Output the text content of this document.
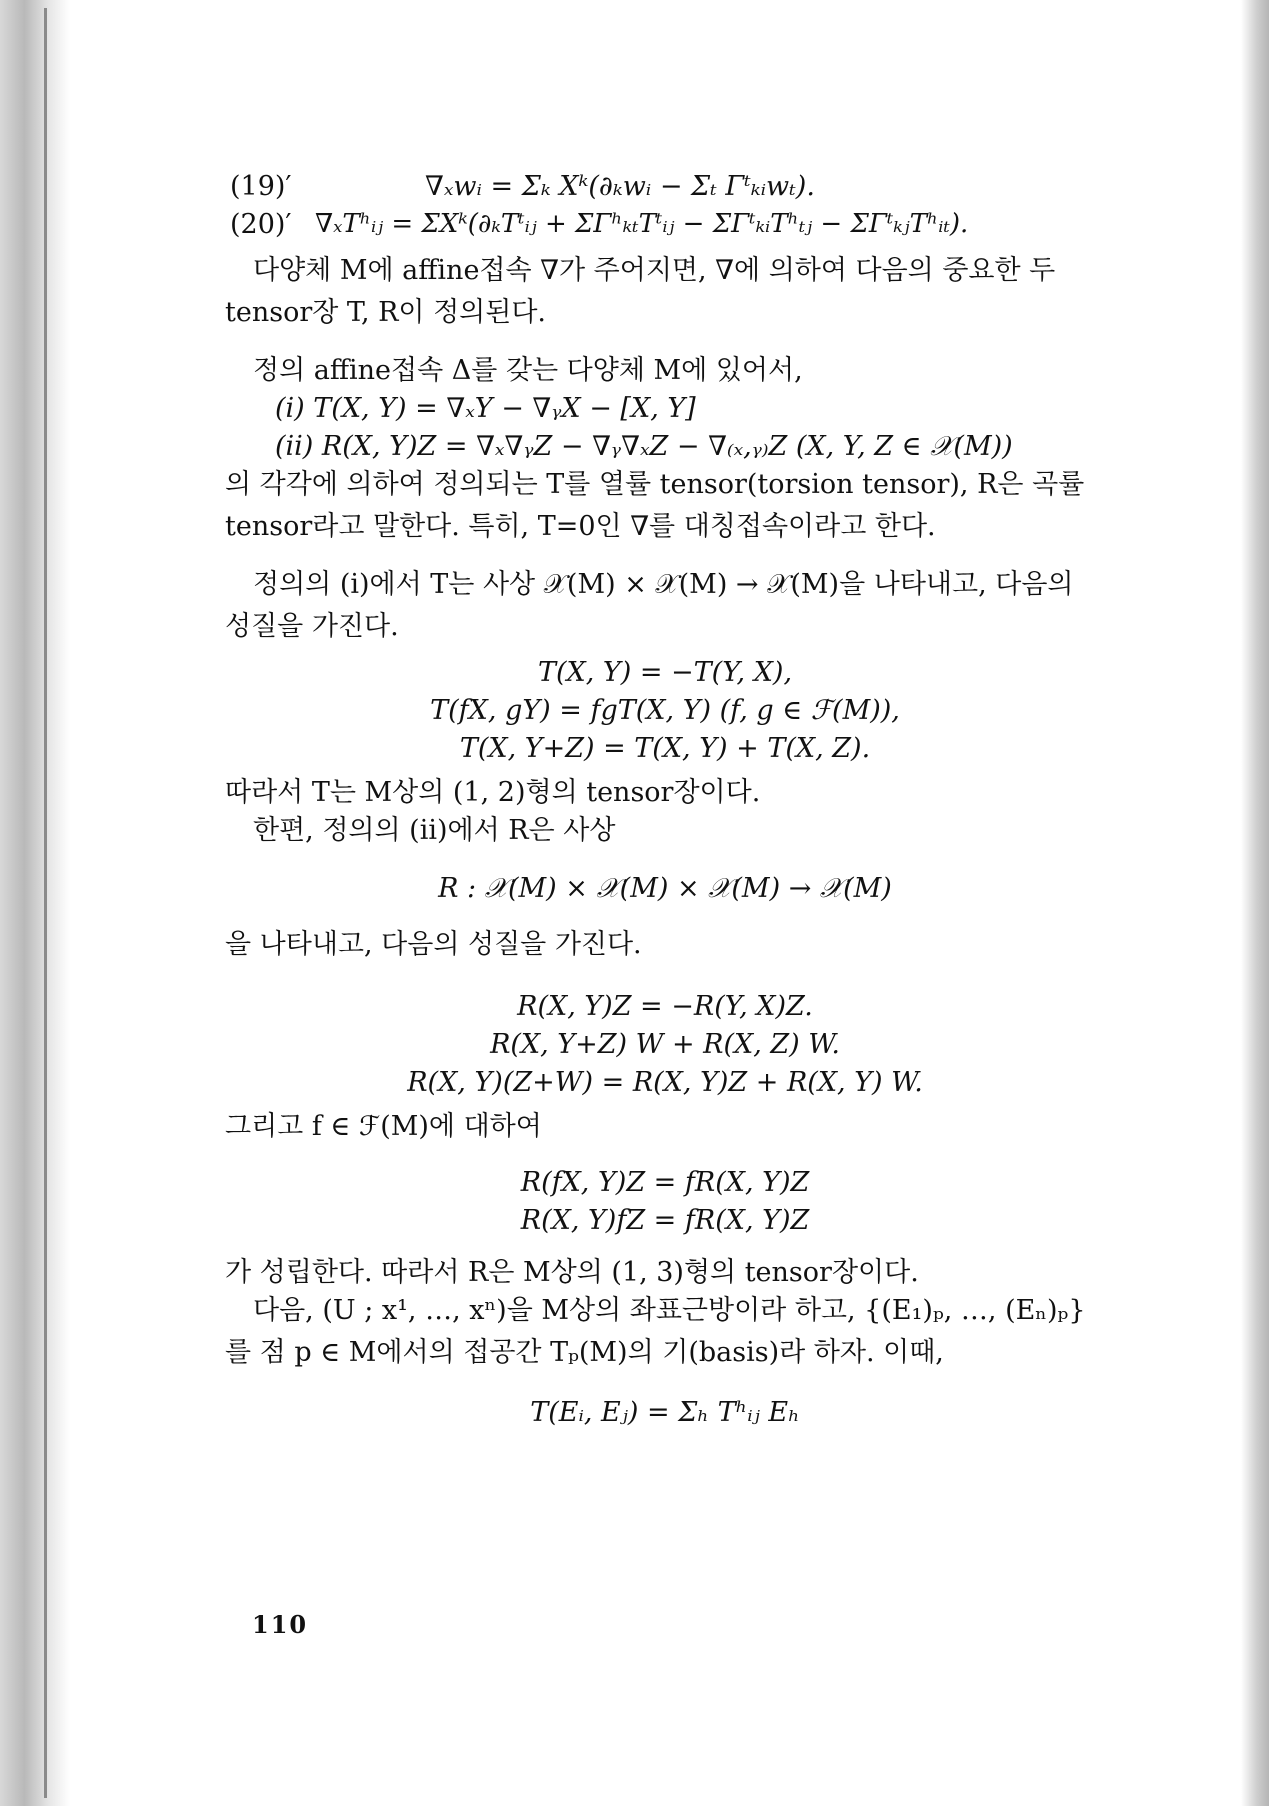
(19)′	∇ₓwᵢ = Σₖ Xᵏ(∂ₖwᵢ − Σₜ Γᵗₖᵢwₜ).
(20)′ ∇ₓTʰᵢⱼ = ΣXᵏ(∂ₖTᵗᵢⱼ + ΣΓʰₖₜTᵗᵢⱼ − ΣΓᵗₖᵢTʰₜⱼ − ΣΓᵗₖⱼTʰᵢₜ).
다양체 M에 affine접속 ∇가 주어지면, ∇에 의하여 다음의 중요한 두 tensor장 T, R이 정의된다.
정의 affine접속 Δ를 갖는 다양체 M에 있어서,
(i) T(X, Y) = ∇ₓY − ∇ᵧX − [X, Y]
(ii) R(X, Y)Z = ∇ₓ∇ᵧZ − ∇ᵧ∇ₓZ − ∇₍ₓ,ᵧ₎Z (X, Y, Z ∈ 𝒳(M))
의 각각에 의하여 정의되는 T를 열률 tensor(torsion tensor), R은 곡률 tensor라고 말한다. 특히, T=0인 ∇를 대칭접속이라고 한다.
정의의 (i)에서 T는 사상 𝒳(M) × 𝒳(M) → 𝒳(M)을 나타내고, 다음의 성질을 가진다.
T(X, Y) = −T(Y, X),
T(fX, gY) = fgT(X, Y) (f, g ∈ ℱ(M)),
T(X, Y+Z) = T(X, Y) + T(X, Z).
따라서 T는 M상의 (1, 2)형의 tensor장이다.
한편, 정의의 (ii)에서 R은 사상
R : 𝒳(M) × 𝒳(M) × 𝒳(M) → 𝒳(M)
을 나타내고, 다음의 성질을 가진다.
R(X, Y)Z = −R(Y, X)Z.
R(X, Y+Z) W + R(X, Z) W.
R(X, Y)(Z+W) = R(X, Y)Z + R(X, Y) W.
그리고 f ∈ ℱ(M)에 대하여
R(fX, Y)Z = fR(X, Y)Z
R(X, Y)fZ = fR(X, Y)Z
가 성립한다. 따라서 R은 M상의 (1, 3)형의 tensor장이다.
다음, (U ; x¹, …, xⁿ)을 M상의 좌표근방이라 하고, {(E₁)ₚ, …, (Eₙ)ₚ}를 점 p ∈ M에서의 접공간 Tₚ(M)의 기(basis)라 하자. 이때,
T(Eᵢ, Eⱼ) = Σₕ Tʰᵢⱼ Eₕ
110
